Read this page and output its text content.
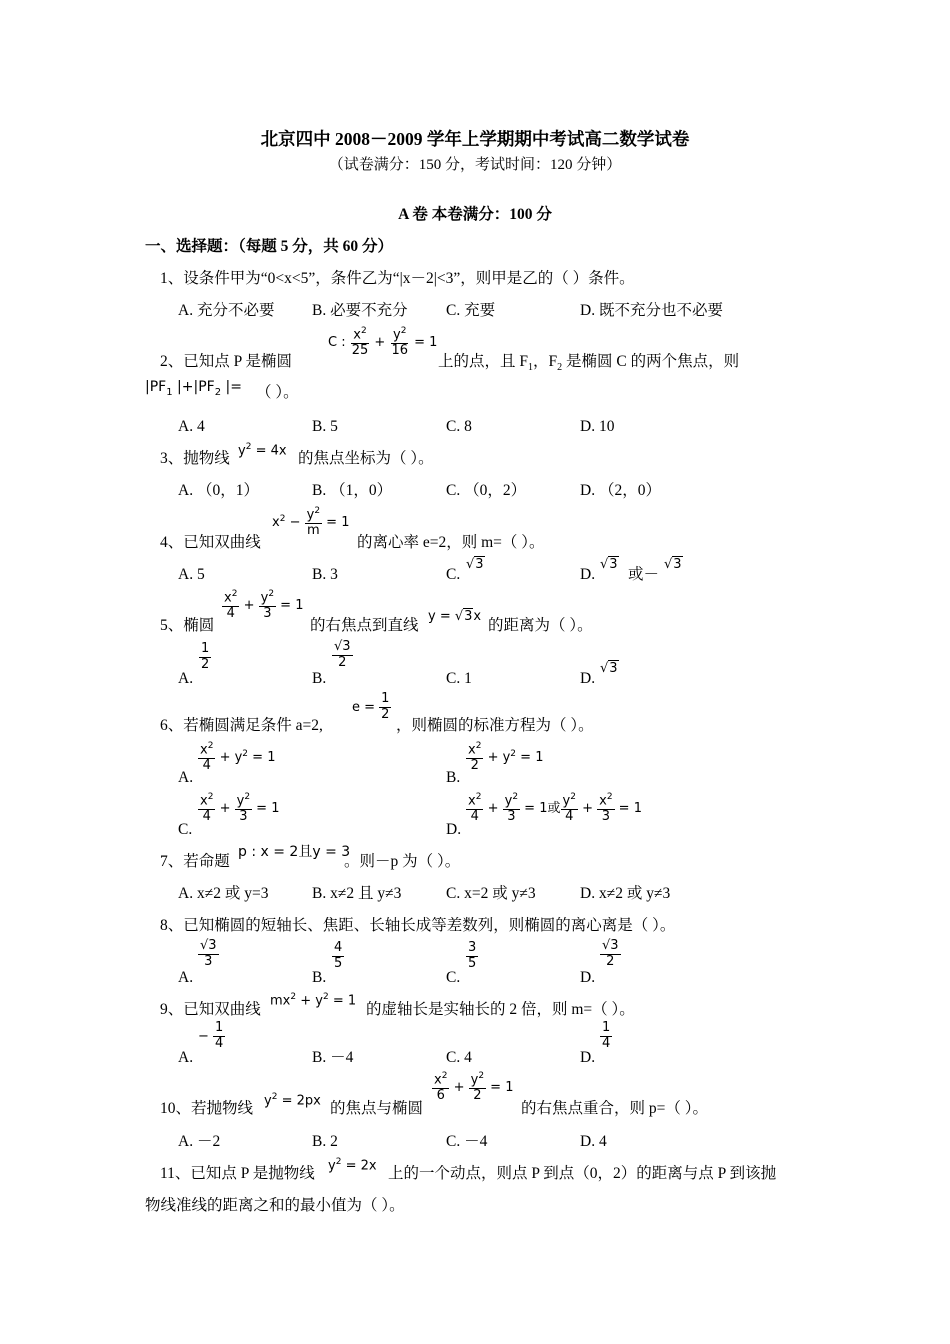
北京四中 2008－2009 学年上学期期中考试高二数学试卷
（试卷满分：150 分，考试时间：120 分钟）
A 卷 本卷满分：100 分
一、选择题：（每题 5 分，共 60 分）
1、设条件甲为“0<x<5”，条件乙为“|x－2|<3”，则甲是乙的（ ）条件。
A. 充分不必要 B. 必要不充分 C. 充要	D. 既不充分也不必要
2、已知点 P 是椭圆
C : $\frac{x^2}{25} + \frac{y^2}{16} = 1$
上的点，且 $F_1$，$F_2$ 是椭圆 C 的两个焦点，则
$|PF_1$ $|+|PF_2$ |= （ ）。
A. 4	B. 5	C. 8	D. 10
3、抛物线 $y^2 = 4x$ 的焦点坐标为（ ）。
A. （0，1）	B. （1，0）	C. （0，2）	D. （2，0）
4、已知双曲线
$x^2 - \frac{y^2}{m} = 1$
的离心率 e=2，则 m=（ ）。
A. 5	B. 3	C.
√3
D.
√3
或－
√3
5、椭圆
$\frac{x^2}{4} + \frac{y^2}{3} = 1$
的右焦点到直线
y = √3x
的距离为（ ）。
A.
$\frac{1}{2}$
B.
$\frac{√3}{2}$
C. 1	D.
√3
6、若椭圆满足条件 a=2,
$e = \frac{1}{2}$
，则椭圆的标准方程为（ ）。
A.
$\frac{x^2}{4} + y^2 = 1$
B.
$\frac{x^2}{2} + y^2 = 1$
C.
$\frac{x^2}{4} + \frac{y^2}{3} = 1$
D.
$\frac{x^2}{4} + \frac{y^2}{3} = 1$或 $\frac{y^2}{4} + \frac{x^2}{3} = 1$
7、若命题
p : x = 2且y = 3
。则－p 为（ ）。
A. x≠2 或 y=3	B. x≠2 且 y≠3	C. x=2 或 y≠3	D. x≠2 或 y≠3
8、已知椭圆的短轴长、焦距、长轴长成等差数列，则椭圆的离心离是（ ）。
A.
$\frac{√3}{3}$
B.
$\frac{4}{5}$
C.
$\frac{3}{5}$
D.
$\frac{√3}{2}$
9、已知双曲线
$mx^2 + y^2 = 1$
的虚轴长是实轴长的 2 倍，则 m=（ ）。
A.
− $\frac{1}{4}$
B. －4	C. 4	D.
$\frac{1}{4}$
10、若抛物线 $y^2 = 2px$ 的焦点与椭圆
$\frac{x^2}{6} + \frac{y^2}{2} = 1$
的右焦点重合，则 p=（ ）。
A. －2	B. 2	C. －4	D. 4
11、已知点 P 是抛物线 $y^2 = 2x$ 上的一个动点，则点 P 到点（0，2）的距离与点 P 到该抛
物线准线的距离之和的最小值为（ ）。
